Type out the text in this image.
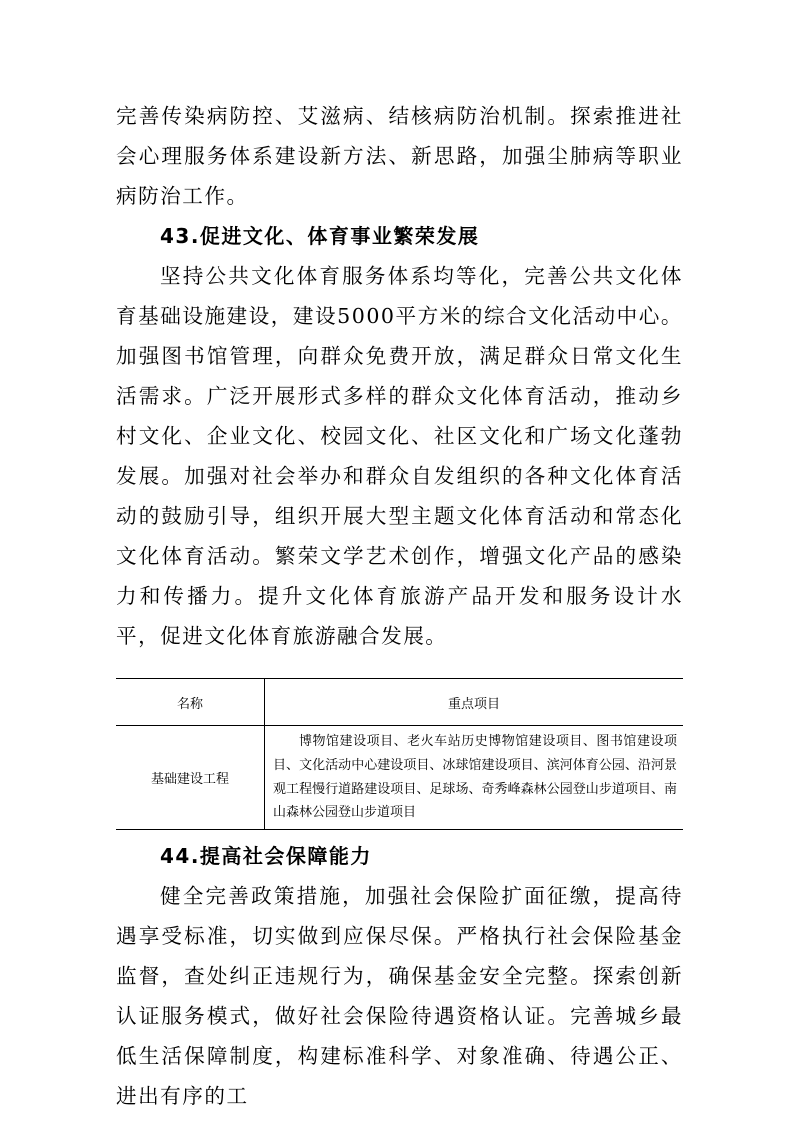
完善传染病防控、艾滋病、结核病防治机制。探索推进社会心理服务体系建设新方法、新思路，加强尘肺病等职业病防治工作。

43.促进文化、体育事业繁荣发展

坚持公共文化体育服务体系均等化，完善公共文化体育基础设施建设，建设5000平方米的综合文化活动中心。加强图书馆管理，向群众免费开放，满足群众日常文化生活需求。广泛开展形式多样的群众文化体育活动，推动乡村文化、企业文化、校园文化、社区文化和广场文化蓬勃发展。加强对社会举办和群众自发组织的各种文化体育活动的鼓励引导，组织开展大型主题文化体育活动和常态化文化体育活动。繁荣文学艺术创作，增强文化产品的感染力和传播力。提升文化体育旅游产品开发和服务设计水平，促进文化体育旅游融合发展。

名称	重点项目
基础建设工程	博物馆建设项目、老火车站历史博物馆建设项目、图书馆建设项目、文化活动中心建设项目、冰球馆建设项目、滨河体育公园、沿河景观工程慢行道路建设项目、足球场、奇秀峰森林公园登山步道项目、南山森林公园登山步道项目
44.提高社会保障能力

健全完善政策措施，加强社会保险扩面征缴，提高待遇享受标准，切实做到应保尽保。严格执行社会保险基金监督，查处纠正违规行为，确保基金安全完整。探索创新认证服务模式，做好社会保险待遇资格认证。完善城乡最低生活保障制度，构建标准科学、对象准确、待遇公正、进出有序的工
